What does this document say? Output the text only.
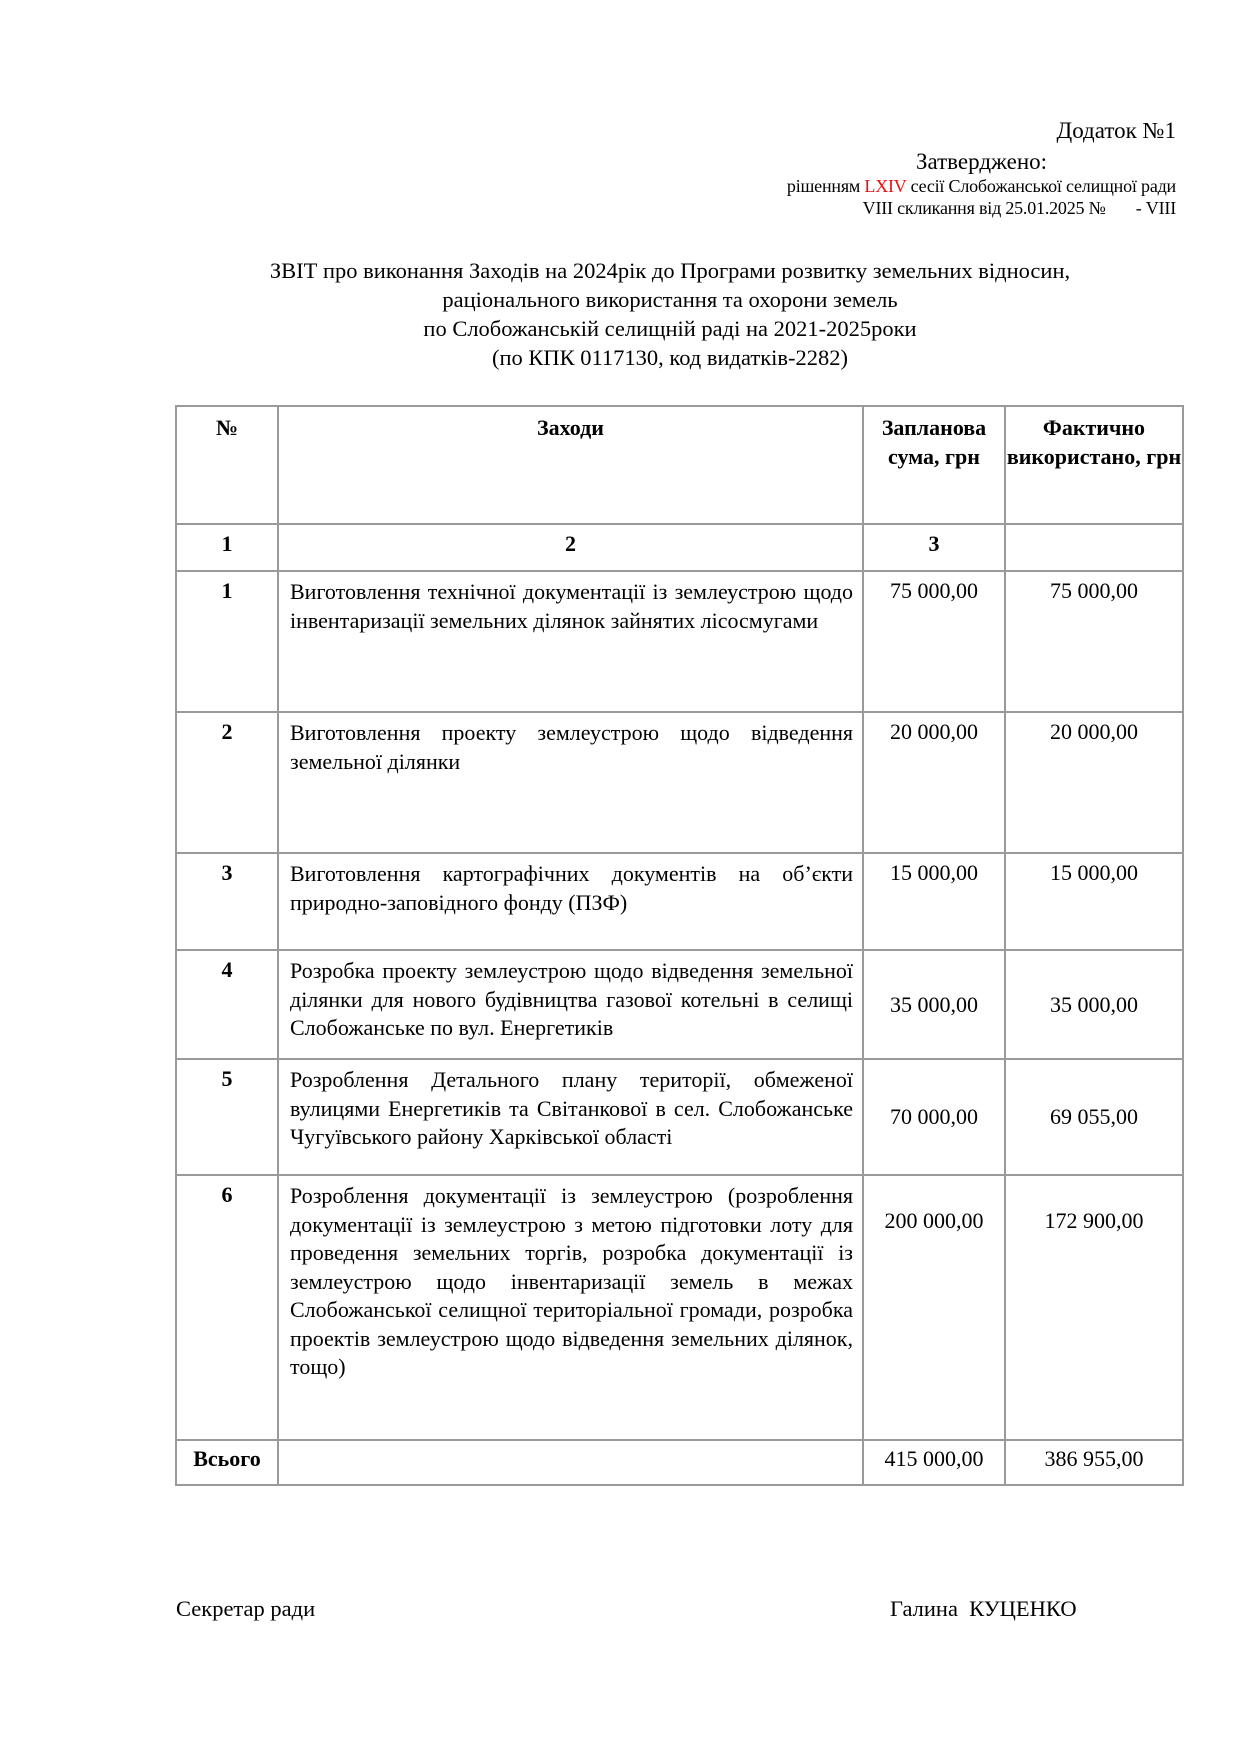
Додаток №1
Затверджено:
рішенням LXIV сесії Слобожанської селищної ради
VIII скликання від 25.01.2025 №       - VIII
ЗВІТ про виконання Заходів на 2024рік до Програми розвитку земельних відносин,
раціонального використання та охорони земель
по Слобожанській селищній раді на 2021-2025роки
(по КПК 0117130, код видатків-2282)
№	Заходи	Запланова сума, грн	Фактично використано, грн
1	2	3	
1	Виготовлення технічної документації із землеустрою щодо інвентаризації земельних ділянок зайнятих лісосмугами	75 000,00	75 000,00
2	Виготовлення проекту землеустрою щодо відведення земельної ділянки	20 000,00	20 000,00
3	Виготовлення картографічних документів на об’єкти природно-заповідного фонду (ПЗФ)	15 000,00	15 000,00
4	Розробка проекту землеустрою щодо відведення земельної ділянки для нового будівництва газової котельні в селищі Слобожанське по вул. Енергетиків	35 000,00	35 000,00
5	Розроблення Детального плану території, обмеженої вулицями Енергетиків та Світанкової в сел. Слобожанське Чугуївського району Харківської області	70 000,00	69 055,00
6	Розроблення документації із землеустрою (розроблення документації із землеустрою з метою підготовки лоту для проведення земельних торгів, розробка документації із землеустрою щодо інвентаризації земель в межах Слобожанської селищної територіальної громади, розробка проектів землеустрою щодо відведення земельних ділянок, тощо)	200 000,00	172 900,00
Всього		415 000,00	386 955,00
Секретар ради	Галина  КУЦЕНКО
